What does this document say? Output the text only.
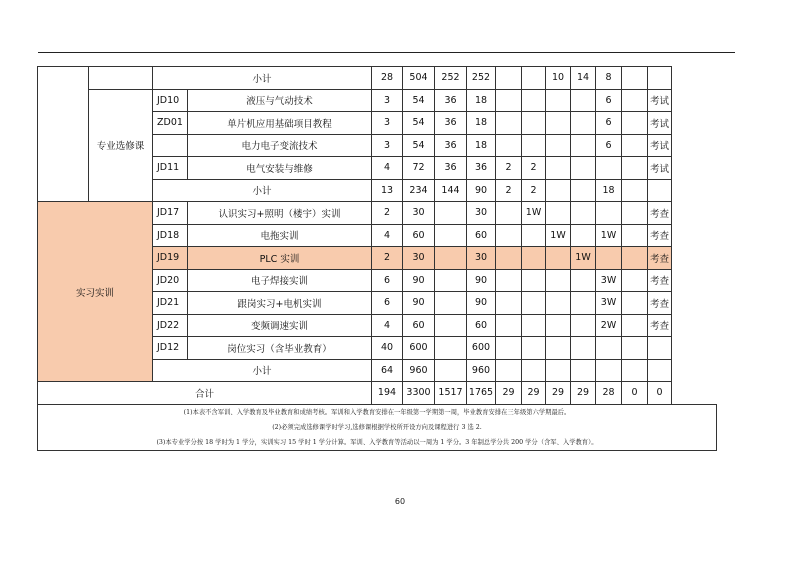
		小计		28	504	252	252			10	14	8		
	专业选修课	JD10	液压与气动技术	3	54	36	18					6		考试
		ZD01	单片机应用基础项目教程	3	54	36	18					6		考试
			电力电子变流技术	3	54	36	18					6		考试
		JD11	电气安装与维修	4	72	36	36	2	2					考试
		小计		13	234	144	90	2	2			18		
实习实训		JD17	认识实习+照明（楼宇）实训	2	30		30		1W					考查
		JD18	电拖实训	4	60		60			1W		1W		考查
		JD19	PLC 实训	2	30		30				1W			考查
		JD20	电子焊接实训	6	90		90					3W		考查
		JD21	跟岗实习+电机实训	6	90		90					3W		考查
		JD22	变频调速实训	4	60		60					2W		考查
		JD12	岗位实习（含毕业教育）	40	600		600							
		小计		64	960		960							
合计				194	3300	1517	1765	29	29	29	29	28	0	0

(1)本表不含军训、入学教育及毕业教育和成绩考核。军训和入学教育安排在一年级第一学期第一周，毕业教育安排在三年级第六学期最后。
(2)必须完成选修课学时学习,选修课根据学校所开设方向及课程进行 3 选 2.
(3)本专业学分按 18 学时为 1 学分，实训实习 15 学时 1 学分计算。军训、入学教育等活动以一周为 1 学分。3 年制总学分共 200 学分（含军、入学教育）。														
60
